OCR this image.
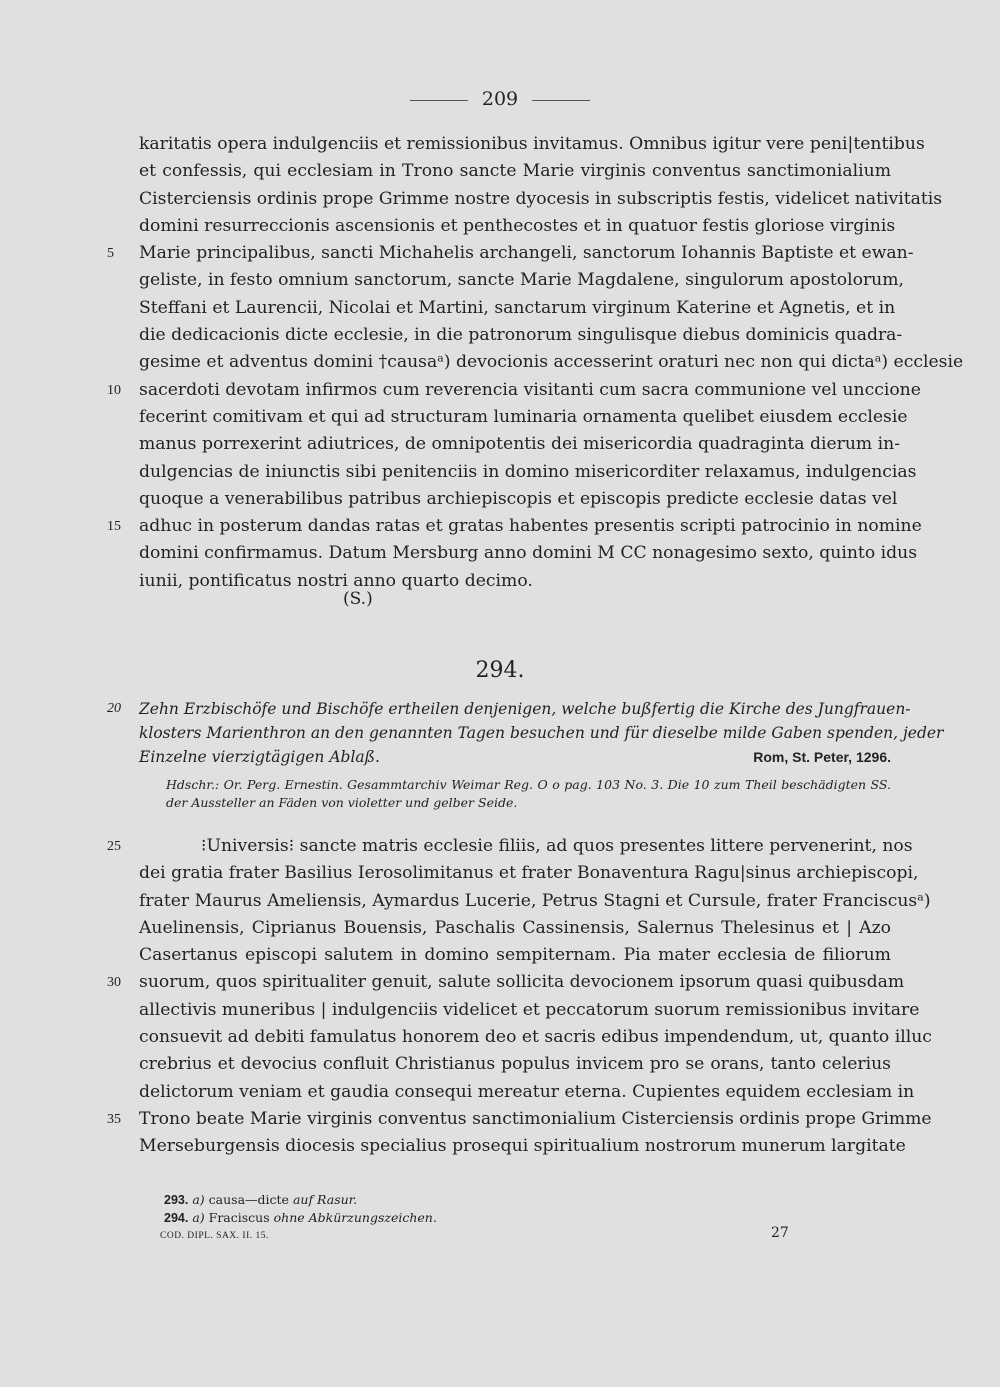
209
karitatis opera indulgenciis et remissionibus invitamus. Omnibus igitur vere peni|tentibus
et confessis, qui ecclesiam in Trono sancte Marie virginis conventus sanctimonialium
Cisterciensis ordinis prope Grimme nostre dyocesis in subscriptis festis, videlicet nativitatis
domini resurreccionis ascensionis et penthecostes et in quatuor festis gloriose virginis
5	Marie principalibus, sancti Michahelis archangeli, sanctorum Iohannis Baptiste et ewan-
geliste, in festo omnium sanctorum, sancte Marie Magdalene, singulorum apostolorum,
Steffani et Laurencii, Nicolai et Martini, sanctarum virginum Katerine et Agnetis, et in
die dedicacionis dicte ecclesie, in die patronorum singulisque diebus dominicis quadra-
gesime et adventus domini †causaᵃ) devocionis accesserint oraturi nec non qui dictaᵃ) ecclesie
10	sacerdoti devotam infirmos cum reverencia visitanti cum sacra communione vel unccione
fecerint comitivam et qui ad structuram luminaria ornamenta quelibet eiusdem ecclesie
manus porrexerint adiutrices, de omnipotentis dei misericordia quadraginta dierum in-
dulgencias de iniunctis sibi penitenciis in domino misericorditer relaxamus, indulgencias
quoque a venerabilibus patribus archiepiscopis et episcopis predicte ecclesie datas vel
15	adhuc in posterum dandas ratas et gratas habentes presentis scripti patrocinio in nomine
domini confirmamus. Datum Mersburg anno domini M CC nonagesimo sexto, quinto idus
iunii, pontificatus nostri anno quarto decimo.
(S.)
294.
20	Zehn Erzbischöfe und Bischöfe ertheilen denjenigen, welche bußfertig die Kirche des Jungfrauen-
klosters Marienthron an den genannten Tagen besuchen und für dieselbe milde Gaben spenden, jeder
Einzelne vierzigtägigen Ablaß.	Rom, St. Peter, 1296.
Hdschr.: Or. Perg. Ernestin. Gesammtarchiv Weimar Reg. O o pag. 103 No. 3. Die 10 zum Theil beschädigten SS.
der Aussteller an Fäden von violetter und gelber Seide.
25	⁝Universis⁝ sancte matris ecclesie filiis, ad quos presentes littere pervenerint, nos
dei gratia frater Basilius Ierosolimitanus et frater Bonaventura Ragu|sinus archiepiscopi,
frater Maurus Ameliensis, Aymardus Lucerie, Petrus Stagni et Cursule, frater Franciscusᵃ)
Auelinensis, Ciprianus Bouensis, Paschalis Cassinensis, Salernus Thelesinus et | Azo
Casertanus episcopi salutem in domino sempiternam. Pia mater ecclesia de filiorum
30	suorum, quos spiritualiter genuit, salute sollicita devocionem ipsorum quasi quibusdam
allectivis muneribus | indulgenciis videlicet et peccatorum suorum remissionibus invitare
consuevit ad debiti famulatus honorem deo et sacris edibus impendendum, ut, quanto illuc
crebrius et devocius confluit Christianus populus invicem pro se orans, tanto celerius
delictorum veniam et gaudia consequi mereatur eterna. Cupientes equidem ecclesiam in
35	Trono beate Marie virginis conventus sanctimonialium Cisterciensis ordinis prope Grimme
Merseburgensis diocesis specialius prosequi spiritualium nostrorum munerum largitate
293. a) causa—dicte auf Rasur.
294. a) Fraciscus ohne Abkürzungszeichen.
COD. DIPL. SAX. II. 15.	27
